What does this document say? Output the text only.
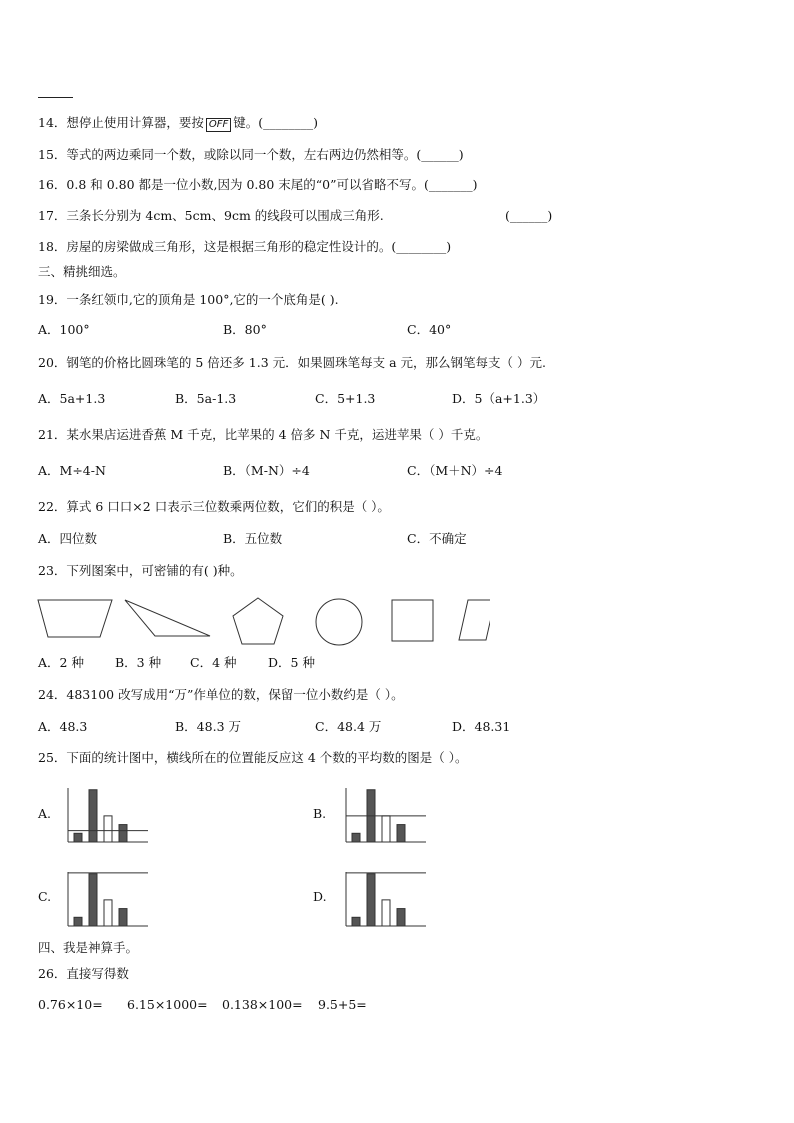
14．想停止使用计算器，要按 OFF 键。(________)
15．等式的两边乘同一个数，或除以同一个数，左右两边仍然相等。(______)
16．0.8 和 0.80 都是一位小数,因为 0.80 末尾的“0”可以省略不写。(_______)
17．三条长分别为 4cm、5cm、9cm 的线段可以围成三角形.	(______)
18．房屋的房梁做成三角形，这是根据三角形的稳定性设计的。(________)
三、精挑细选。
19．一条红领巾,它的顶角是 100°,它的一个底角是( ).
A．100°	B．80°	C．40°
20．钢笔的价格比圆珠笔的 5 倍还多 1.3 元．如果圆珠笔每支 a 元，那么钢笔每支（ ）元.
A．5a+1.3	B．5a-1.3	C．5+1.3	D．5（a+1.3）
21．某水果店运进香蕉 M 千克，比苹果的 4 倍多 N 千克，运进苹果（ ）千克。
A．M÷4-N	B．（M-N）÷4	C．（M＋N）÷4
22．算式 6 口口×2 口表示三位数乘两位数，它们的积是（ ）。
A．四位数	B．五位数	C．不确定
23．下列图案中，可密铺的有( )种。
A．2 种 B．3 种 C．4 种	D．5 种
24．483100 改写成用“万”作单位的数，保留一位小数约是（ ）。
A．48.3	B．48.3 万	C．48.4 万	D．48.31
25．下面的统计图中，横线所在的位置能反应这 4 个数的平均数的图是（ ）。
A.	B.
C.	D.
四、我是神算手。
26．直接写得数
0.76×10= 6.15×1000= 0.138×100= 9.5+5=
